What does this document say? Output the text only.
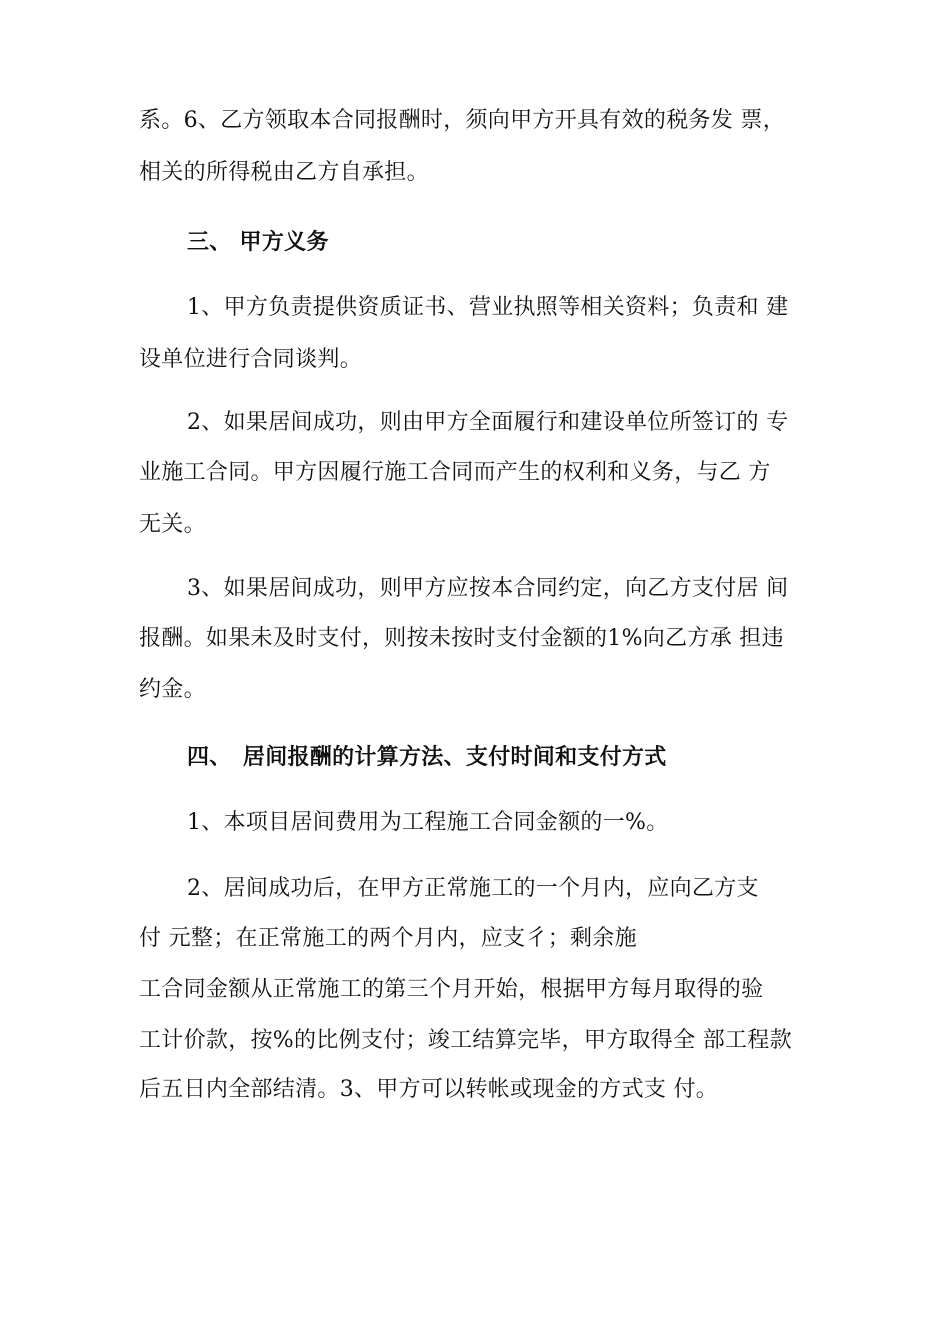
系。6、乙方领取本合同报酬时，须向甲方开具有效的税务发 票，
相关的所得税由乙方自承担。
三、 甲方义务
1、甲方负责提供资质证书、营业执照等相关资料；负责和 建
设单位进行合同谈判。
2、如果居间成功，则由甲方全面履行和建设单位所签订的 专
业施工合同。甲方因履行施工合同而产生的权利和义务，与乙 方
无关。
3、如果居间成功，则甲方应按本合同约定，向乙方支付居 间
报酬。如果未及时支付，则按未按时支付金额的1%向乙方承 担违
约金。
四、　居间报酬的计算方法、支付时间和支付方式
1、本项目居间费用为工程施工合同金额的一%。
2、居间成功后，在甲方正常施工的一个月内，应向乙方支
付 元整；在正常施工的两个月内，应支彳；剩余施
工合同金额从正常施工的第三个月开始，根据甲方每月取得的验
工计价款，按%的比例支付；竣工结算完毕，甲方取得全 部工程款
后五日内全部结清。3、甲方可以转帐或现金的方式支 付。
